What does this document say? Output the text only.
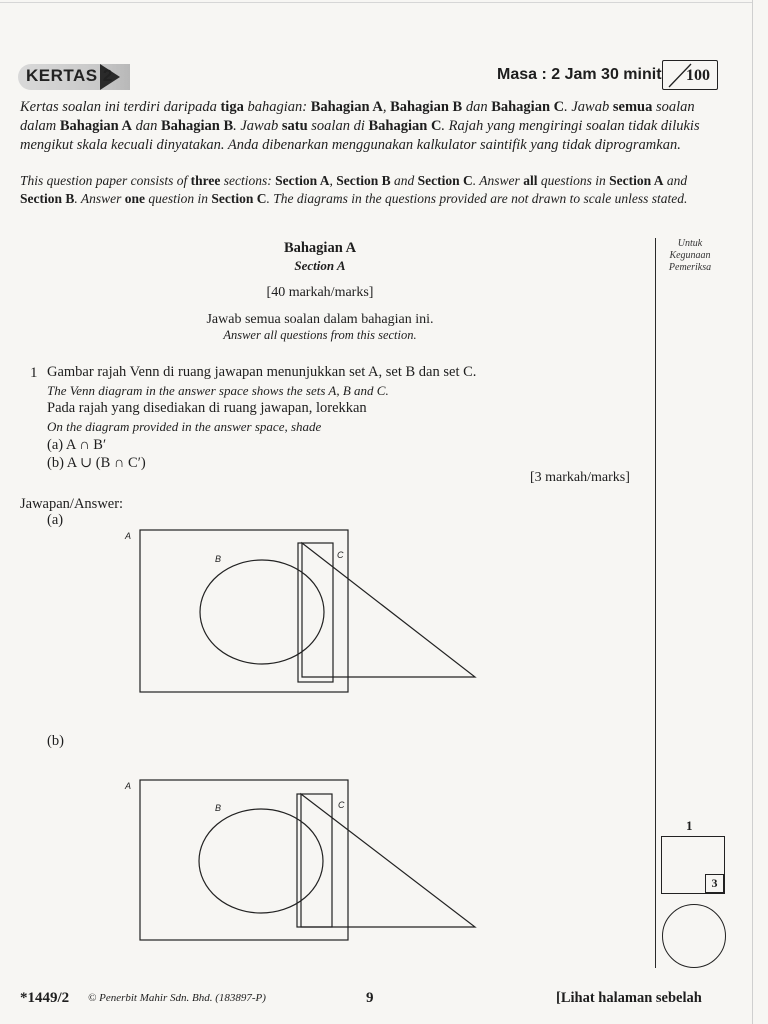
KERTAS 2	Masa : 2 Jam 30 minit 100
Kertas soalan ini terdiri daripada tiga bahagian: Bahagian A, Bahagian B dan Bahagian C. Jawab semua soalan dalam Bahagian A dan Bahagian B. Jawab satu soalan di Bahagian C. Rajah yang mengiringi soalan tidak dilukis mengikut skala kecuali dinyatakan. Anda dibenarkan menggunakan kalkulator saintifik yang tidak diprogramkan.
This question paper consists of three sections: Section A, Section B and Section C. Answer all questions in Section A and Section B. Answer one question in Section C. The diagrams in the questions provided are not drawn to scale unless stated.
Untuk
Kegunaan
Pemeriksa
Bahagian A
Section A
[40 markah/marks]
Jawab semua soalan dalam bahagian ini.
Answer all questions from this section.
1 Gambar rajah Venn di ruang jawapan menunjukkan set A, set B dan set C.
The Venn diagram in the answer space shows the sets A, B and C.
Pada rajah yang disediakan di ruang jawapan, lorekkan
On the diagram provided in the answer space, shade
(a) A ∩ B′
(b) A ∪ (B ∩ C′)
[3 markah/marks]
Jawapan/Answer:
(a)
A
B	C
(b)
A
B	C
1
3
*1449/2 © Penerbit Mahir Sdn. Bhd. (183897-P)	9	[Lihat halaman sebelah
